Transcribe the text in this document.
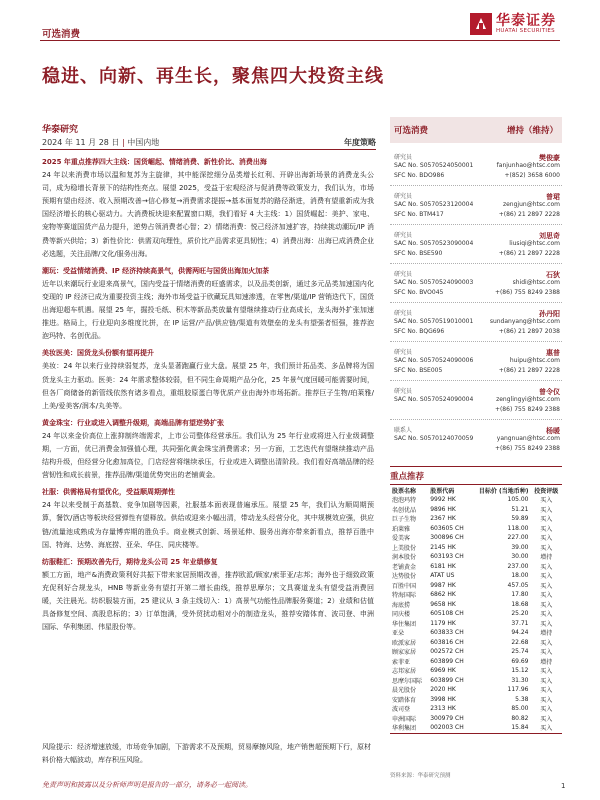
可选消费
华泰证券
HUATAI SECURITIES
稳进、向新、再生长，聚焦四大投资主线
华泰研究
2024 年 11 月 28 日 | 中国内地	年度策略

2025 年重点推荐四大主线：国货崛起、情绪消费、新性价比、消费出海

24 年以来消费市场以温和复苏为主旋律，其中能深挖细分品类增长红利、开辟出海新场景的消费龙头公司，成为稳增长背景下的结构性亮点。展望 2025，受益于宏观经济与促消费等政策发力，我们认为，市场预期有望由经济、收入预期改善→信心修复→消费需求提振→基本面复苏的路径渐进，消费有望重新成为我国经济增长的核心驱动力。大消费板块迎来配置窗口期，我们看好 4 大主线：1）国货崛起：美护、家电、宠物等赛道国货产品力提升，逆势占领消费者心智；2）情绪消费：悦己经济加速扩容，持续挑动潮玩/IP 消费等新兴供给；3）新性价比：供需双向理性，质价比产品需求更具韧性；4）消费出海：出海已成消费企业必选题，关注品牌/文化/服务出海。

潮玩：受益情绪消费、IP 经济持续高景气，供需两旺与国货出海加火加茶

近年以来潮玩行业迎来高景气，国内受益于情绪消费的旺盛需求，以及品类创新，通过多元品类加速国内化变现的 IP 经济已成为重要投资主线；海外市场受益于欣藏玩具知速渗透，在零售/渠道/IP 营销迭代下，国货出海迎超车机遇。展望 25 年，掘投毛纸、积木等新品类放量有望继续推动行业高成长，龙头海外扩张加速推进。格局上，行业迎向多维度比拼，在 IP 运营/产品/供应链/渠道有效壁垒的龙头有望强者恒强，推荐泡泡玛特、名创优品。

美妆医美：国货龙头份额有望再提升

美妆：24 年以来行业持续弱复苏，龙头显著跑赢行业大盘。展望 25 年，我们预计拓品类、多品牌将为国货龙头主力驱动。医美：24 年需求整体较弱，但不同生命周期产品分化，25 年景气度回暖可能需要时间，但各厂商储备的新管线依然有诸多看点，重组胶原蛋白等优质产业由海外市场拓新。推荐巨子生物/珀莱雅/上美/爱美客/润本/丸美等。

黄金珠宝：行业或进入调整升级期，高端品牌有望逆势扩张

24 年以来金价高位上涨抑制终端需求，上市公司整体经营承压。我们认为 25 年行业或将进入行业级调整期，一方面，优已消费金加强值心理，共同强化黄金珠宝消费需求；另一方面，工艺迭代有望继续推动产品结构升级，但经营分化愈加高位，门店经营将继续承压，行业或进入调整出清阶段。我们看好高端品牌的经营韧性和成长前景，推荐品牌/渠道优势突出的老铺黄金。

社服：供需格局有望优化，受益顺周期弹性

24 年以来受制于高基数、竞争加剧等因素，社服基本面表现普遍承压。展望 25 年，我们认为顺周期预算，餐饮/酒店等板块经营弹性有望释放。供给或迎来小幅出清，带动龙头经营分化，其中规模效应强，供应链/流量池成熟成为存量博弈期的胜负手。商业模式创新、场景延伸、服务出海亦带来新看点，推荐百胜中国、特海、达势、海底捞、亚朵、华住、同庆楼等。

纺服鞋汇：预期改善先行，期待龙头公司 25 年业绩修复

额工方面，地产&消费政策利好共振下带来家居预期改善，推荐欧派/顾家/索菲亚/志邦；海外也于细致政策充促利好合规龙头，HNB 等新业务有望打开第二增长曲线，推荐思摩尔；文具赛道龙头有望受益消费回暖，关注晨光。纺织服装方面，25 建议从 3 条主线切入：1）高景气功能性品牌服务赛道；2）业绩和估值具备修复空间、高股息标的；3）订单饱满，受外贸扰动相对小的制造龙头，推荐安踏体育、波司登、申洲国际、华利集团、伟星股份等。

风险提示：经济增速放缓，市场竞争加剧，下游需求不及预期，贸易摩擦风险，地产销售超预期下行，原材料价格大幅波动，库存积压风险。

免责声明和披露以及分析师声明是报告的一部分，请务必一起阅读。	1
可选消费	增持（维持）
研究员	樊俊豪
SAC No. S0570524050001
SFC No. BDO986
fanjunhao@htsc.com
+(852) 3658 6000
研究员	曾珺
SAC No. S0570523120004
SFC No. BTM417
zengjun@htsc.com
+(86) 21 2897 2228
研究员	刘思奇
SAC No. S0570523090004
SFC No. BSE590
liusiqi@htsc.com
+(86) 21 2897 2228
研究员	石狄
SAC No. S0570524090003
SFC No. BVO045
shidi@htsc.com
+(86) 755 8249 2388
研究员	孙丹阳
SAC No. S0570519010001
SFC No. BQG696
sundanyang@htsc.com
+(86) 21 2897 2038
研究员	惠普
SAC No. S0570524090006
SFC No. BSE005
huipu@htsc.com
+(86) 21 2897 2228
研究员	曾令仪
SAC No. S0570524090004	zenglingyi@htsc.com
+(86) 755 8249 2388
联系人	杨暖
SAC No. S0570124070059	yangnuan@htsc.com
+(86) 755 8249 2388
重点推荐
股票名称	股票代码	目标价 (当地币种)	投资评级
泡泡玛特	9992 HK	105.00	买入
名创优品	9896 HK	51.21	买入
巨子生物	2367 HK	59.89	买入
珀莱雅	603605 CH	118.00	买入
爱美客	300896 CH	227.00	买入
上美股份	2145 HK	39.00	买入
润本股份	603193 CH	30.00	增持
老铺黄金	6181 HK	237.00	买入
达势股份	ATAT US	18.00	买入
百胜中国	9987 HK	457.05	买入
特海国际	6862 HK	17.80	买入
海底捞	9658 HK	18.68	买入
同庆楼	605108 CH	25.20	买入
华住集团	1179 HK	37.71	买入
亚朵	603833 CH	94.24	增持
欧派家居	603816 CH	22.68	买入
顾家家居	002572 CH	25.74	买入
索菲亚	603899 CH	69.69	增持
志邦家居	6969 HK	15.12	买入
思摩尔国际	603899 CH	31.30	买入
晨光股份	2020 HK	117.96	买入
安踏体育	3998 HK	5.38	买入
波司登	2313 HK	85.00	买入
申洲国际	300979 CH	80.82	买入
华利集团	002003 CH	15.84	买入
资料来源：华泰研究预测
